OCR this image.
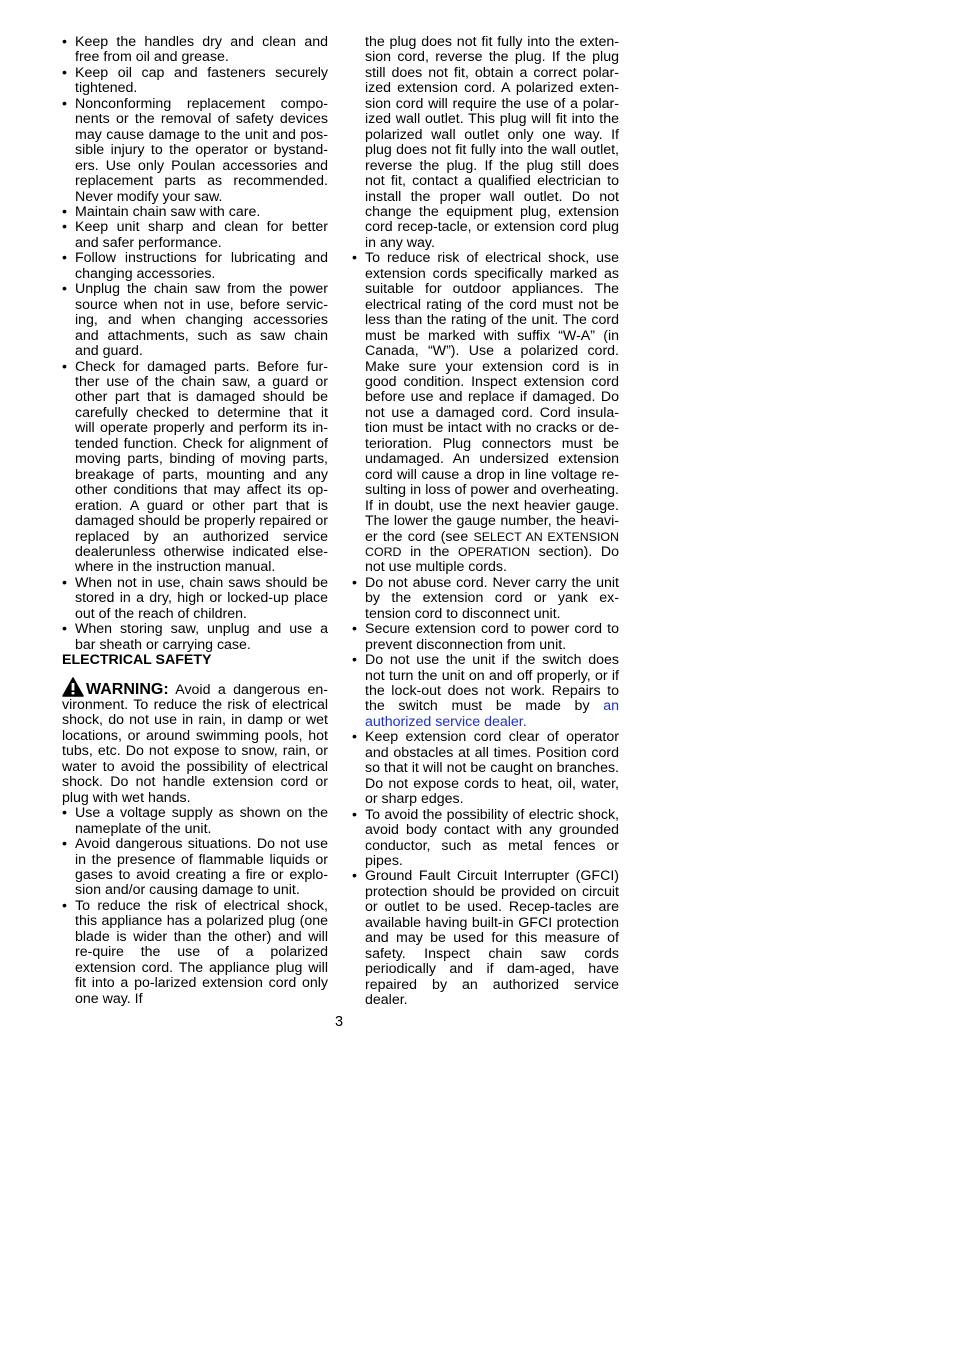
• Keep the handles dry and clean and free from oil and grease.
• Keep oil cap and fasteners securely tightened.
• Nonconforming replacement compo-nents or the removal of safety devices may cause damage to the unit and pos-sible injury to the operator or bystand-ers. Use only Poulan accessories and replacement parts as recommended. Never modify your saw.
• Maintain chain saw with care.
• Keep unit sharp and clean for better and safer performance.
• Follow instructions for lubricating and changing accessories.
• Unplug the chain saw from the power source when not in use, before servic-ing, and when changing accessories and attachments, such as saw chain and guard.
• Check for damaged parts. Before fur-ther use of the chain saw, a guard or other part that is damaged should be carefully checked to determine that it will operate properly and perform its in-tended function. Check for alignment of moving parts, binding of moving parts, breakage of parts, mounting and any other conditions that may affect its op-eration. A guard or other part that is damaged should be properly repaired or replaced by an authorized service dealerunless otherwise indicated else-where in the instruction manual.
• When not in use, chain saws should be stored in a dry, high or locked-up place out of the reach of children.
• When storing saw, unplug and use a bar sheath or carrying case.

ELECTRICAL SAFETY

WARNING: Avoid a dangerous en-vironment. To reduce the risk of electrical shock, do not use in rain, in damp or wet locations, or around swimming pools, hot tubs, etc. Do not expose to snow, rain, or water to avoid the possibility of electrical shock. Do not handle extension cord or plug with wet hands.

• Use a voltage supply as shown on the nameplate of the unit.
• Avoid dangerous situations. Do not use in the presence of flammable liquids or gases to avoid creating a fire or explo-sion and/or causing damage to unit.
• To reduce the risk of electrical shock, this appliance has a polarized plug (one blade is wider than the other) and will re-quire the use of a polarized extension cord. The appliance plug will fit into a po-larized extension cord only one way. If

the plug does not fit fully into the exten-sion cord, reverse the plug. If the plug still does not fit, obtain a correct polar-ized extension cord. A polarized exten-sion cord will require the use of a polar-ized wall outlet. This plug will fit into the polarized wall outlet only one way. If plug does not fit fully into the wall outlet, reverse the plug. If the plug still does not fit, contact a qualified electrician to install the proper wall outlet. Do not change the equipment plug, extension cord recep-tacle, or extension cord plug in any way.

• To reduce risk of electrical shock, use extension cords specifically marked as suitable for outdoor appliances. The electrical rating of the cord must not be less than the rating of the unit. The cord must be marked with suffix “W-A” (in Canada, “W”). Use a polarized cord. Make sure your extension cord is in good condition. Inspect extension cord before use and replace if damaged. Do not use a damaged cord. Cord insula-tion must be intact with no cracks or de-terioration. Plug connectors must be undamaged. An undersized extension cord will cause a drop in line voltage re-sulting in loss of power and overheating. If in doubt, use the next heavier gauge. The lower the gauge number, the heavi-er the cord (see SELECT AN EXTENSION CORD in the OPERATION section). Do not use multiple cords.
• Do not abuse cord. Never carry the unit by the extension cord or yank ex-tension cord to disconnect unit.
• Secure extension cord to power cord to prevent disconnection from unit.
• Do not use the unit if the switch does not turn the unit on and off properly, or if the lock-out does not work. Repairs to the switch must be made by an authorized service dealer.
• Keep extension cord clear of operator and obstacles at all times. Position cord so that it will not be caught on branches. Do not expose cords to heat, oil, water, or sharp edges.
• To avoid the possibility of electric shock, avoid body contact with any grounded conductor, such as metal fences or pipes.
• Ground Fault Circuit Interrupter (GFCI) protection should be provided on circuit or outlet to be used. Recep-tacles are available having built-in GFCI protection and may be used for this measure of safety. Inspect chain saw cords periodically and if dam-aged, have repaired by an authorized service dealer.
3
